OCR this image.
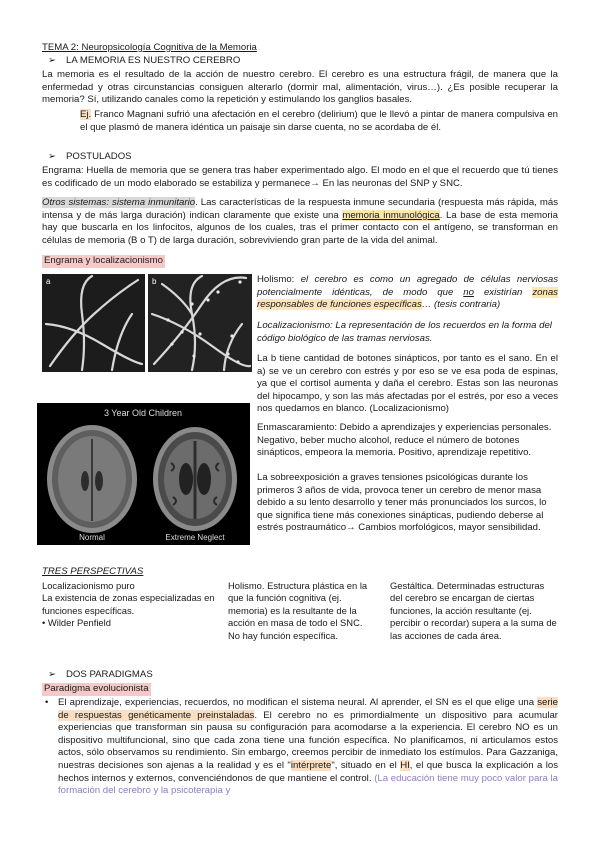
TEMA 2: Neuropsicología Cognitiva de la Memoria
➢ LA MEMORIA ES NUESTRO CEREBRO

La memoria es el resultado de la acción de nuestro cerebro. El cerebro es una estructura frágil, de manera que la enfermedad y otras circunstancias consiguen alterarlo (dormir mal, alimentación, virus…). ¿Es posible recuperar la memoria? Sí, utilizando canales como la repetición y estimulando los ganglios basales.

Ej. Franco Magnani sufrió una afectación en el cerebro (delirium) que le llevó a pintar de manera compulsiva en el que plasmó de manera idéntica un paisaje sin darse cuenta, no se acordaba de él.

➢ POSTULADOS

Engrama: Huella de memoria que se genera tras haber experimentado algo. El modo en el que el recuerdo que tú tienes es codificado de un modo elaborado se estabiliza y permanece→ En las neuronas del SNP y SNC.

Otros sistemas: sistema inmunitario. Las características de la respuesta inmune secundaria (respuesta más rápida, más intensa y de más larga duración) indican claramente que existe una memoria inmunológica. La base de esta memoria hay que buscarla en los linfocitos, algunos de los cuales, tras el primer contacto con el antígeno, se transforman en células de memoria (B o T) de larga duración, sobreviviendo gran parte de la vida del animal.

Engrama y localizacionismo
a	b
3 Year Old Children
Normal	Extreme Neglect

Holismo: el cerebro es como un agregado de células nerviosas potencialmente idénticas, de modo que no existirían zonas responsables de funciones específicas… (tesis contraria)

Localizacionismo: La representación de los recuerdos en la forma del código biológico de las tramas nerviosas.

La b tiene cantidad de botones sinápticos, por tanto es el sano. En el a) se ve un cerebro con estrés y por eso se ve esa poda de espinas, ya que el cortisol aumenta y daña el cerebro. Estas son las neuronas del hipocampo, y son las más afectadas por el estrés, por eso a veces nos quedamos en blanco. (Localizacionismo)

Enmascaramiento: Debido a aprendizajes y experiencias personales. Negativo, beber mucho alcohol, reduce el número de botones sinápticos, empeora la memoria. Positivo, aprendizaje repetitivo.

La sobreexposición a graves tensiones psicológicas durante los primeros 3 años de vida, provoca tener un cerebro de menor masa debido a su lento desarrollo y tener más pronunciados los surcos, lo que significa tiene más conexiones sinápticas, pudiendo deberse al estrés postraumático→ Cambios morfológicos, mayor sensibilidad.

TRES PERSPECTIVAS
Localizacionismo puro
La existencia de zonas especializadas en funciones específicas.
• Wilder Penfield
Holismo. Estructura plástica en la que la función cognitiva (ej. memoria) es la resultante de la acción en masa de todo el SNC. No hay función específica.
Gestáltica. Determinadas estructuras del cerebro se encargan de ciertas funciones, la acción resultante (ej. percibir o recordar) supera a la suma de las acciones de cada área.
➢ DOS PARADIGMAS
Paradigma evolucionista
• El aprendizaje, experiencias, recuerdos, no modifican el sistema neural. Al aprender, el SN es el que elige una serie de respuestas genéticamente preinstaladas. El cerebro no es primordialmente un dispositivo para acumular experiencias que transforman sin pausa su configuración para acomodarse a la experiencia. El cerebro NO es un dispositivo multifuncional, sino que cada zona tiene una función específica. No planificamos, ni articulamos estos actos, sólo observamos su rendimiento. Sin embargo, creemos percibir de inmediato los estímulos. Para Gazzaniga, nuestras decisiones son ajenas a la realidad y es el "intérprete", situado en el HI, el que busca la explicación a los hechos internos y externos, convenciéndonos de que mantiene el control. (La educación tiene muy poco valor para la formación del cerebro y la psicoterapia y
